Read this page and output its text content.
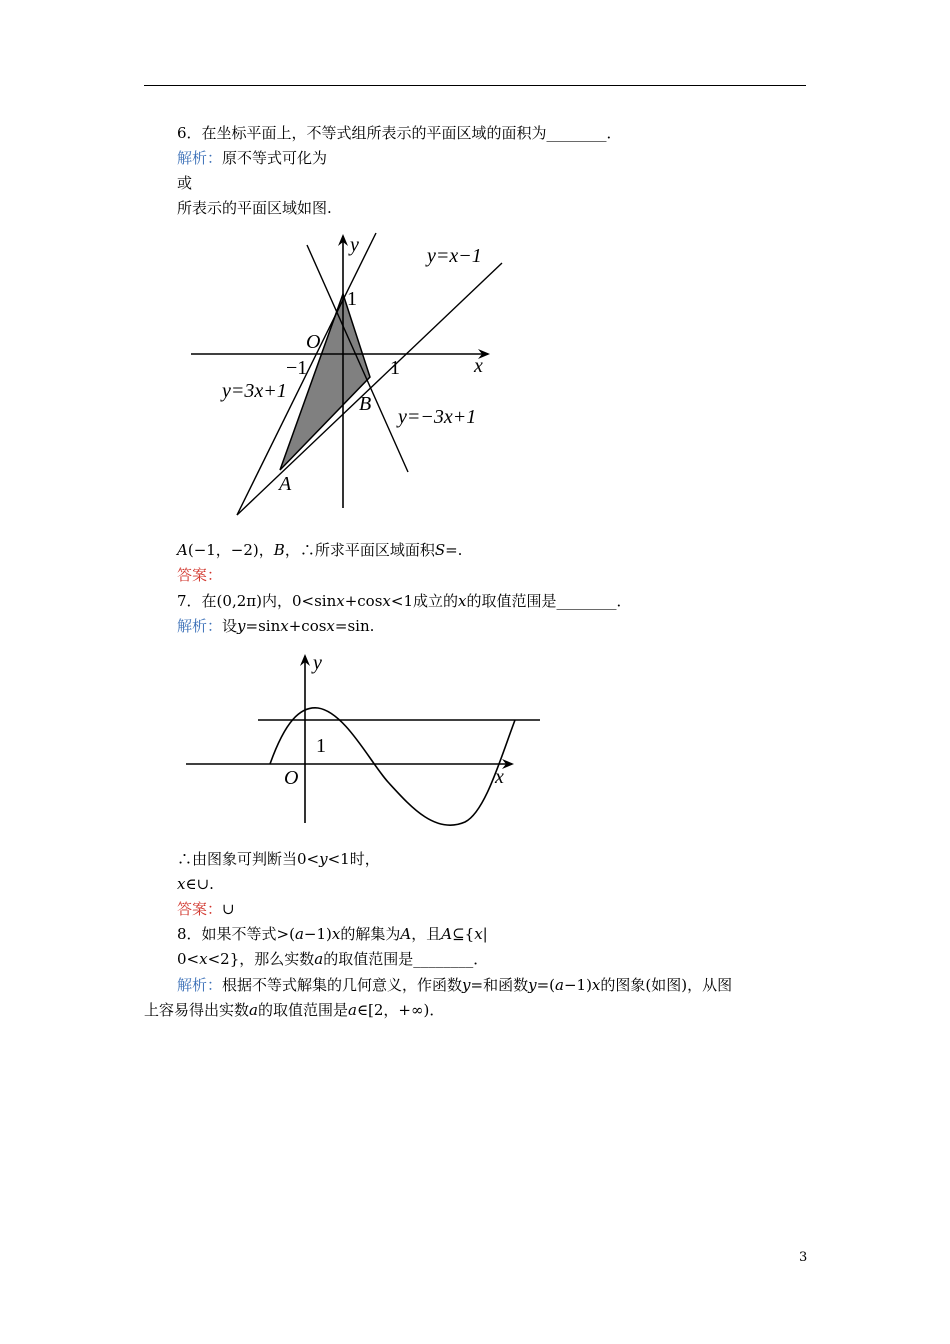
6．在坐标平面上，不等式组所表示的平面区域的面积为________．
解析：原不等式可化为
或
所表示的平面区域如图.
y
x
O
1
−1	1
A
B
y=x−1
y=3x+1
y=−3x+1
A(−1，−2)，B，∴所求平面区域面积S=.
答案：
7．在(0,2π)内，0<sinx+cosx<1成立的x的取值范围是________．
解析：设y=sinx+cosx=sin.
y
x
O
1
∴由图象可判断当0<y<1时，
x∈∪.
答案：∪
8．如果不等式>(a−1)x的解集为A，且A⊆{x|
0<x<2}，那么实数a的取值范围是________．
解析：根据不等式解集的几何意义，作函数y=和函数y=(a−1)x的图象(如图)，从图
上容易得出实数a的取值范围是a∈[2，+∞)．
3
